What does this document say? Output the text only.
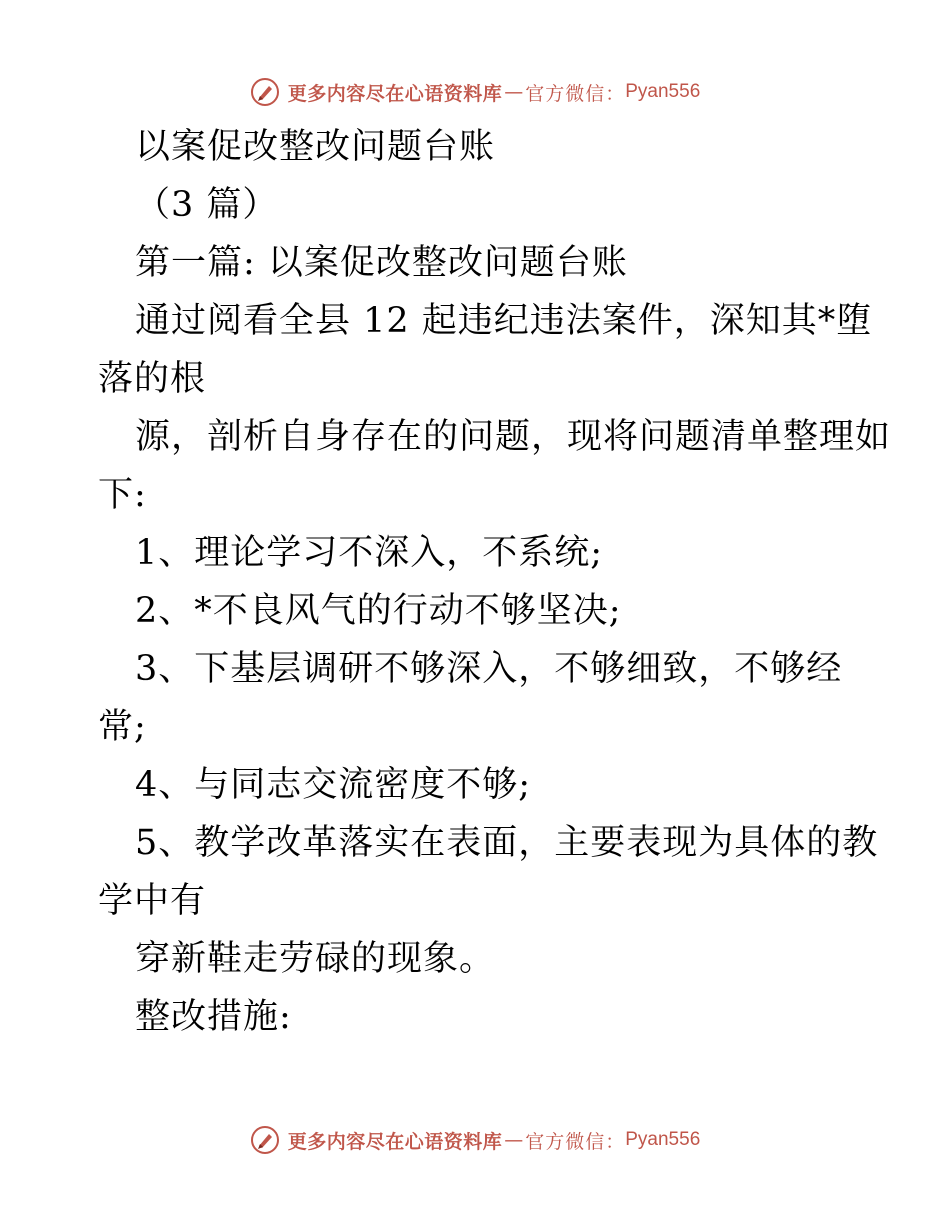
更多内容尽在心语资料库 — 官方微信： Pyan556
以案促改整改问题台账
（3 篇）
第一篇: 以案促改整改问题台账
通过阅看全县 12 起违纪违法案件，深知其*堕
落的根
源，剖析自身存在的问题，现将问题清单整理如
下:
1、理论学习不深入，不系统;
2、*不良风气的行动不够坚决;
3、下基层调研不够深入，不够细致，不够经
常;
4、与同志交流密度不够;
5、教学改革落实在表面，主要表现为具体的教
学中有
穿新鞋走劳碌的现象。
整改措施:
更多内容尽在心语资料库 — 官方微信： Pyan556
